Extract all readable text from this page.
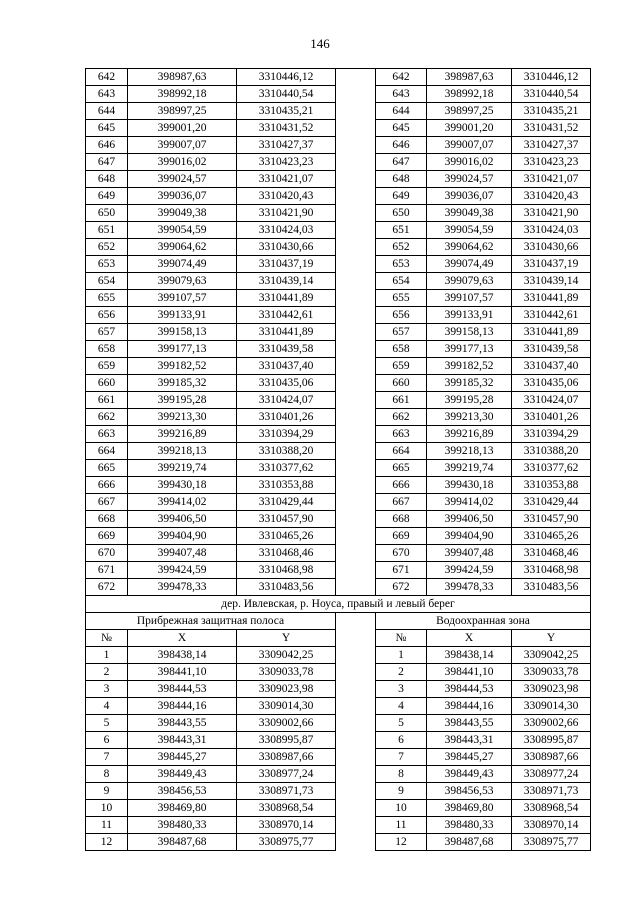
146
642	398987,63	3310446,12		642	398987,63	3310446,12
643	398992,18	3310440,54		643	398992,18	3310440,54
644	398997,25	3310435,21		644	398997,25	3310435,21
645	399001,20	3310431,52		645	399001,20	3310431,52
646	399007,07	3310427,37		646	399007,07	3310427,37
647	399016,02	3310423,23		647	399016,02	3310423,23
648	399024,57	3310421,07		648	399024,57	3310421,07
649	399036,07	3310420,43		649	399036,07	3310420,43
650	399049,38	3310421,90		650	399049,38	3310421,90
651	399054,59	3310424,03		651	399054,59	3310424,03
652	399064,62	3310430,66		652	399064,62	3310430,66
653	399074,49	3310437,19		653	399074,49	3310437,19
654	399079,63	3310439,14		654	399079,63	3310439,14
655	399107,57	3310441,89		655	399107,57	3310441,89
656	399133,91	3310442,61		656	399133,91	3310442,61
657	399158,13	3310441,89		657	399158,13	3310441,89
658	399177,13	3310439,58		658	399177,13	3310439,58
659	399182,52	3310437,40		659	399182,52	3310437,40
660	399185,32	3310435,06		660	399185,32	3310435,06
661	399195,28	3310424,07		661	399195,28	3310424,07
662	399213,30	3310401,26		662	399213,30	3310401,26
663	399216,89	3310394,29		663	399216,89	3310394,29
664	399218,13	3310388,20		664	399218,13	3310388,20
665	399219,74	3310377,62		665	399219,74	3310377,62
666	399430,18	3310353,88		666	399430,18	3310353,88
667	399414,02	3310429,44		667	399414,02	3310429,44
668	399406,50	3310457,90		668	399406,50	3310457,90
669	399404,90	3310465,26		669	399404,90	3310465,26
670	399407,48	3310468,46		670	399407,48	3310468,46
671	399424,59	3310468,98		671	399424,59	3310468,98
672	399478,33	3310483,56		672	399478,33	3310483,56
дер. Ивлевская, р. Ноуса, правый и левый берег						
Прибрежная защитная полоса				Водоохранная зона		
№	X	Y		№	X	Y
1	398438,14	3309042,25		1	398438,14	3309042,25
2	398441,10	3309033,78		2	398441,10	3309033,78
3	398444,53	3309023,98		3	398444,53	3309023,98
4	398444,16	3309014,30		4	398444,16	3309014,30
5	398443,55	3309002,66		5	398443,55	3309002,66
6	398443,31	3308995,87		6	398443,31	3308995,87
7	398445,27	3308987,66		7	398445,27	3308987,66
8	398449,43	3308977,24		8	398449,43	3308977,24
9	398456,53	3308971,73		9	398456,53	3308971,73
10	398469,80	3308968,54		10	398469,80	3308968,54
11	398480,33	3308970,14		11	398480,33	3308970,14
12	398487,68	3308975,77		12	398487,68	3308975,77
